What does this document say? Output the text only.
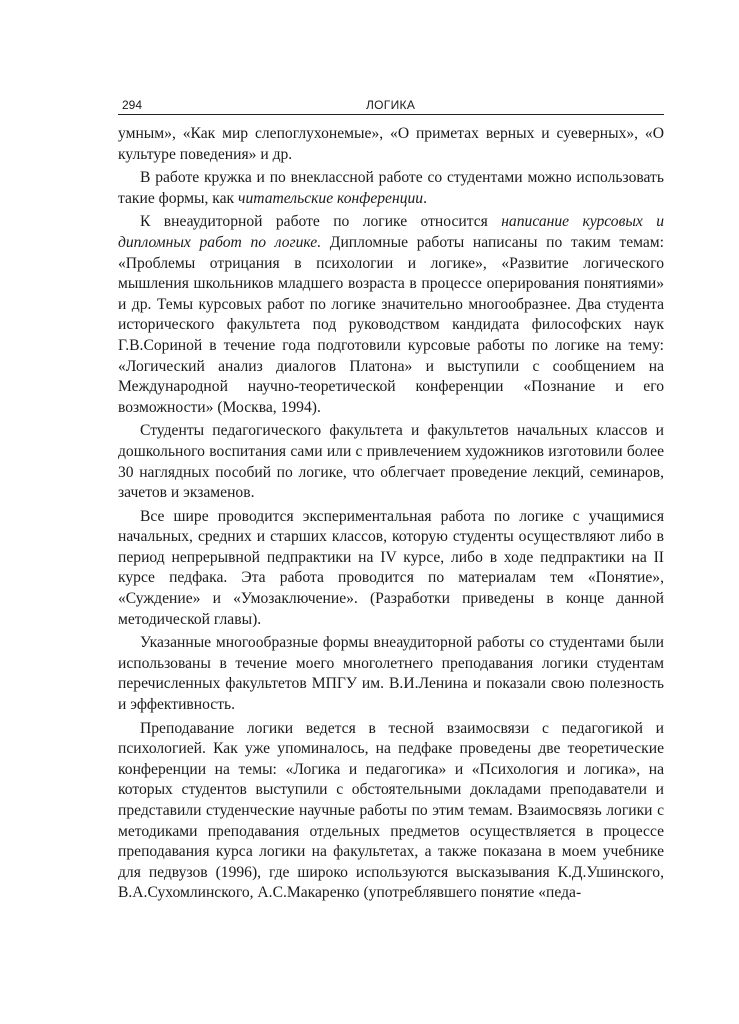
294	ЛОГИКА

умным», «Как мир слепоглухонемые», «О приметах верных и суеверных», «О культуре поведения» и др.

В работе кружка и по внеклассной работе со студентами можно использовать такие формы, как читательские конференции.

К внеаудиторной работе по логике относится написание курсовых и дипломных работ по логике. Дипломные работы написаны по таким темам: «Проблемы отрицания в психологии и логике», «Развитие логического мышления школьников младшего возраста в процессе оперирования понятиями» и др. Темы курсовых работ по логике значительно многообразнее. Два студента исторического факультета под руководством кандидата философских наук Г.В.Сориной в течение года подготовили курсовые работы по логике на тему: «Логический анализ диалогов Платона» и выступили с сообщением на Международной научно-теоретической конференции «Познание и его возможности» (Москва, 1994).

Студенты педагогического факультета и факультетов начальных классов и дошкольного воспитания сами или с привлечением художников изготовили более 30 наглядных пособий по логике, что облегчает проведение лекций, семинаров, зачетов и экзаменов.

Все шире проводится экспериментальная работа по логике с учащимися начальных, средних и старших классов, которую студенты осуществляют либо в период непрерывной педпрактики на IV курсе, либо в ходе педпрактики на II курсе педфака. Эта работа проводится по материалам тем «Понятие», «Суждение» и «Умозаключение». (Разработки приведены в конце данной методической главы).

Указанные многообразные формы внеаудиторной работы со студентами были использованы в течение моего многолетнего преподавания логики студентам перечисленных факультетов МПГУ им. В.И.Ленина и показали свою полезность и эффективность.

Преподавание логики ведется в тесной взаимосвязи с педагогикой и психологией. Как уже упоминалось, на педфаке проведены две теоретические конференции на темы: «Логика и педагогика» и «Психология и логика», на которых студентов выступили с обстоятельными докладами преподаватели и представили студенческие научные работы по этим темам. Взаимосвязь логики с методиками преподавания отдельных предметов осуществляется в процессе преподавания курса логики на факультетах, а также показана в моем учебнике для педвузов (1996), где широко используются высказывания К.Д.Ушинского, В.А.Сухомлинского, А.С.Макаренко (употреблявшего понятие «педа-
